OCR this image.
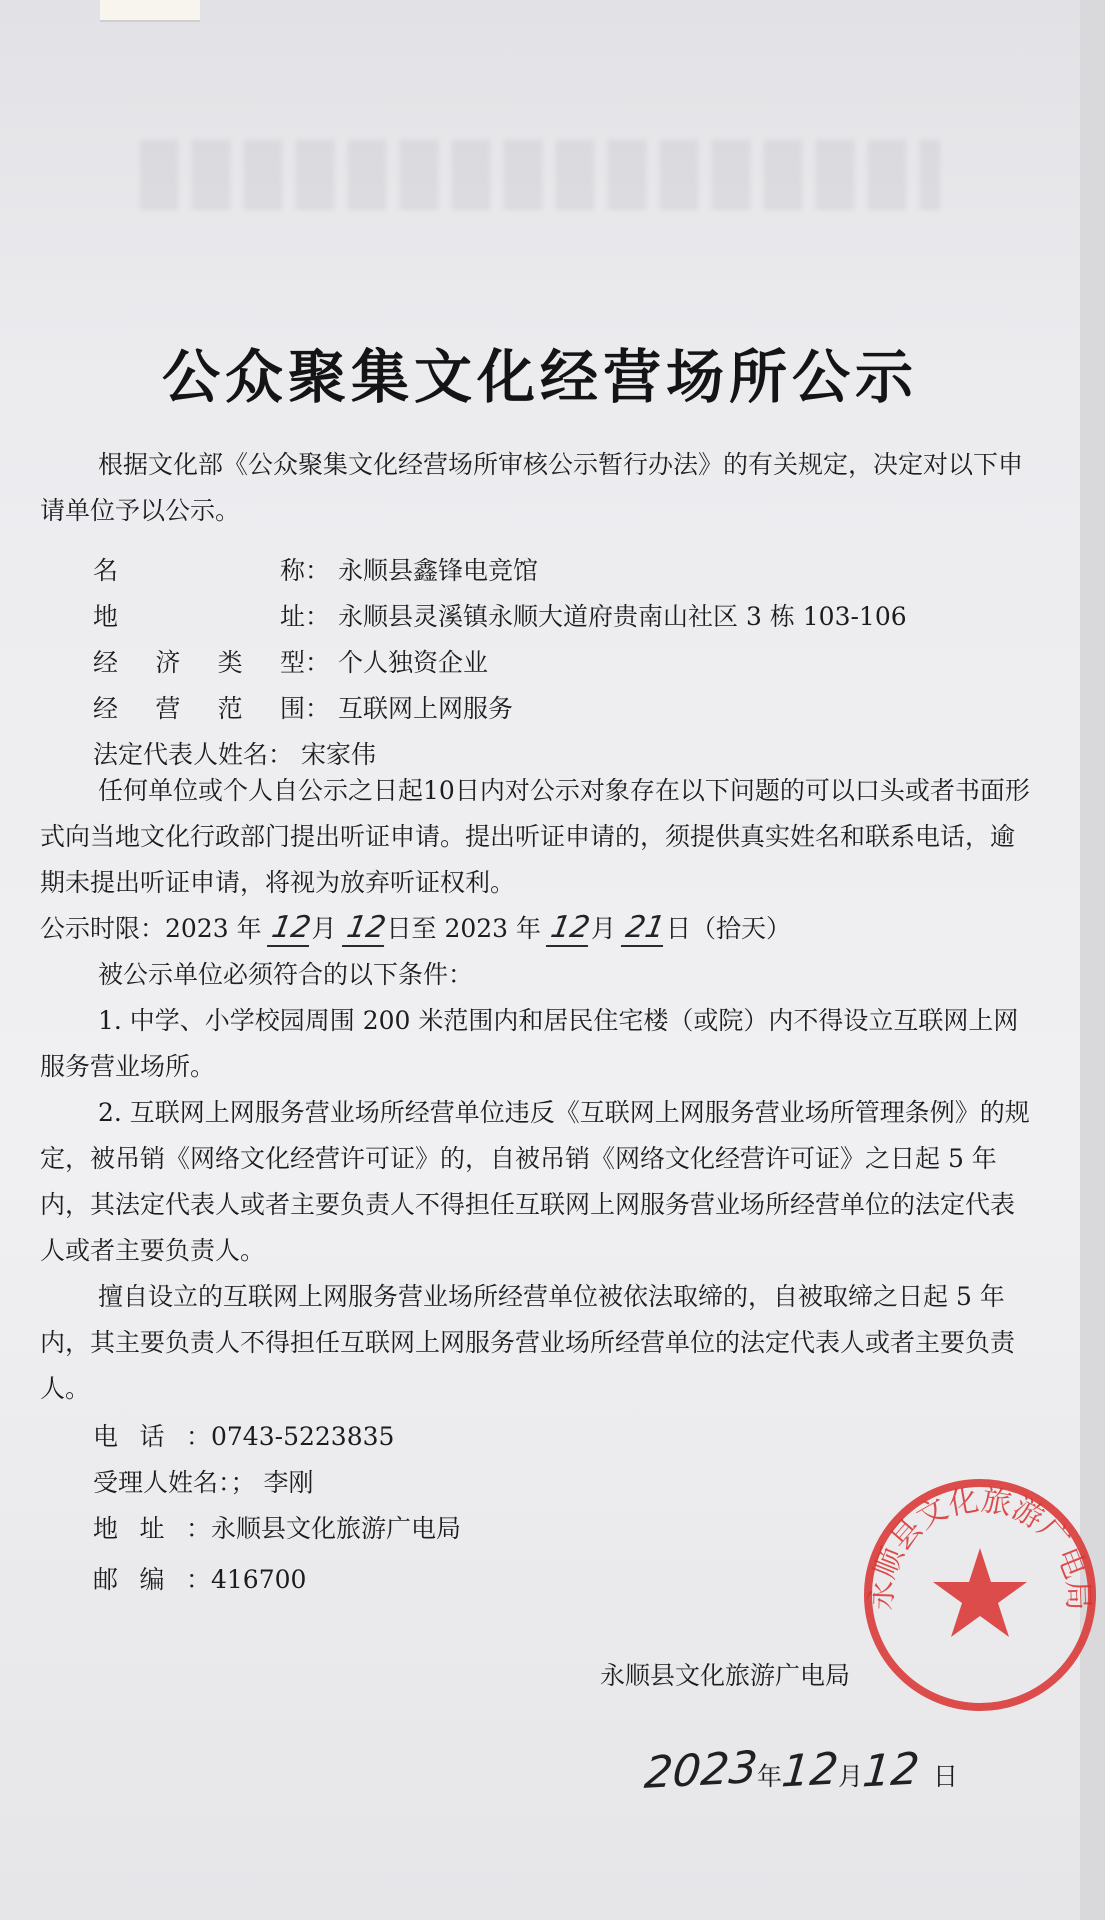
公众聚集文化经营场所公示
根据文化部《公众聚集文化经营场所审核公示暂行办法》的有关规定，决定对以下申请单位予以公示。
名称： 永顺县鑫锋电竞馆
地址： 永顺县灵溪镇永顺大道府贵南山社区 3 栋 103-106
经济类型： 个人独资企业
经营范围： 互联网上网服务
法定代表人姓名： 宋家伟
任何单位或个人自公示之日起10日内对公示对象存在以下问题的可以口头或者书面形式向当地文化行政部门提出听证申请。提出听证申请的，须提供真实姓名和联系电话，逾期未提出听证申请，将视为放弃听证权利。
公示时限：2023 年 12月 12日至 2023 年 12月 21日（拾天）
被公示单位必须符合的以下条件：
1. 中学、小学校园周围 200 米范围内和居民住宅楼（或院）内不得设立互联网上网服务营业场所。
2. 互联网上网服务营业场所经营单位违反《互联网上网服务营业场所管理条例》的规定，被吊销《网络文化经营许可证》的，自被吊销《网络文化经营许可证》之日起 5 年内，其法定代表人或者主要负责人不得担任互联网上网服务营业场所经营单位的法定代表人或者主要负责人。
擅自设立的互联网上网服务营业场所经营单位被依法取缔的，自被取缔之日起 5 年内，其主要负责人不得担任互联网上网服务营业场所经营单位的法定代表人或者主要负责人。
电话：0743-5223835
受理人姓名：； 李刚
地址：永顺县文化旅游广电局
邮编：416700
永顺县文化旅游广电局
2023年12月12 日
永顺县文化旅游广电局
